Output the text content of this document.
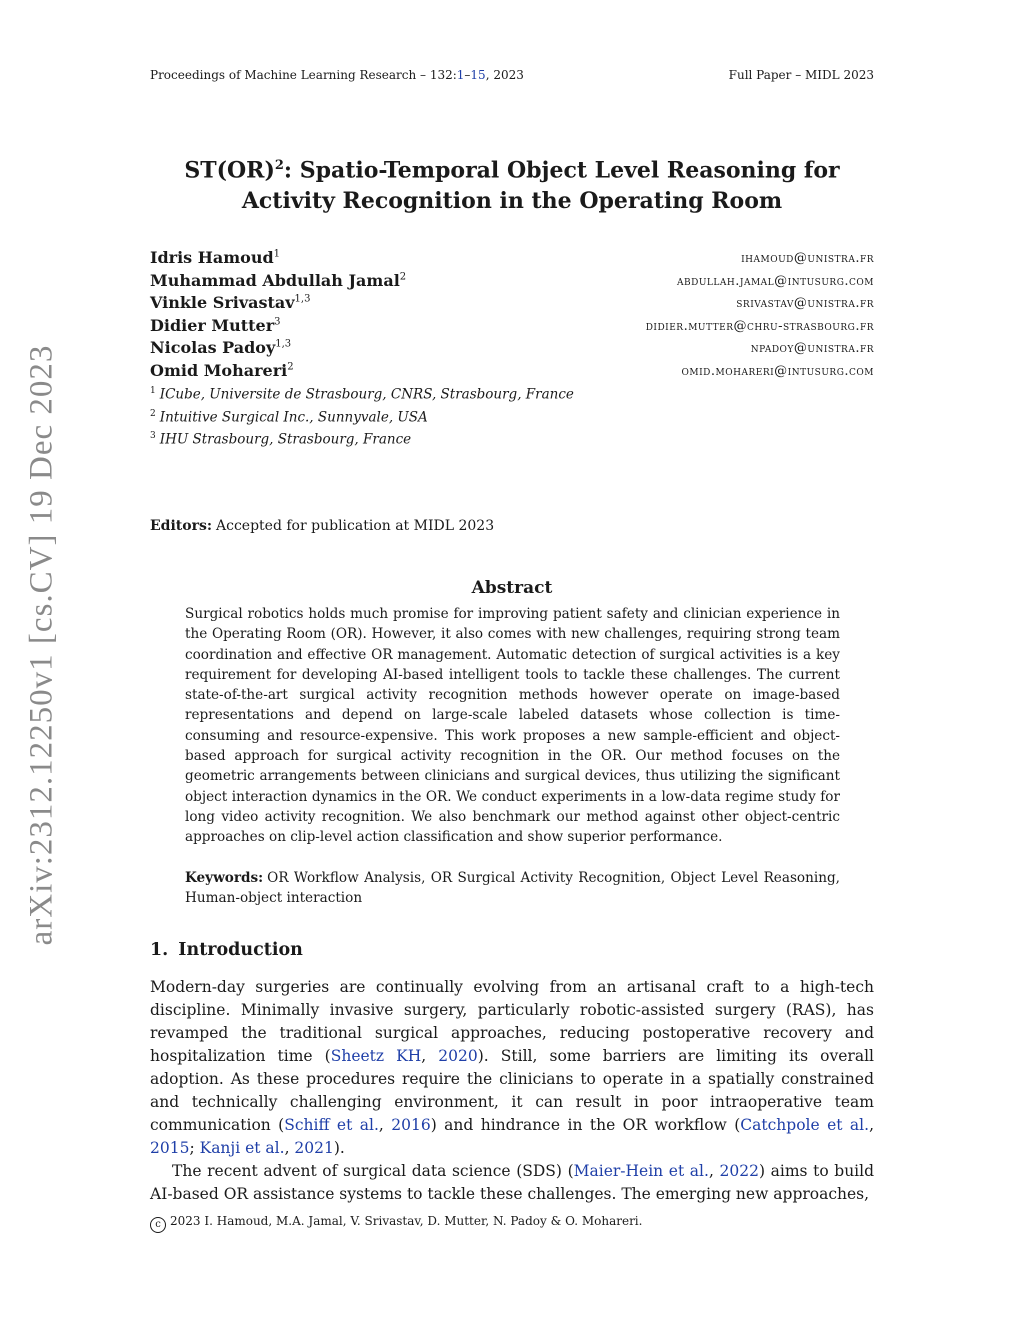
Proceedings of Machine Learning Research – 132:1–15, 2023	Full Paper – MIDL 2023
arXiv:2312.12250v1 [cs.CV] 19 Dec 2023
ST(OR)$^2$: Spatio-Temporal Object Level Reasoning for
Activity Recognition in the Operating Room
Idris Hamoud$^1$	ihamoud@unistra.fr
Muhammad Abdullah Jamal$^2$	abdullah.jamal@intusurg.com
Vinkle Srivastav$^{1,3}$	srivastav@unistra.fr
Didier Mutter$^3$	didier.mutter@chru-strasbourg.fr
Nicolas Padoy$^{1,3}$	npadoy@unistra.fr
Omid Mohareri$^2$	omid.mohareri@intusurg.com
$^1$ ICube, Universite de Strasbourg, CNRS, Strasbourg, France
$^2$ Intuitive Surgical Inc., Sunnyvale, USA
$^3$ IHU Strasbourg, Strasbourg, France
Editors: Accepted for publication at MIDL 2023
Abstract
Surgical robotics holds much promise for improving patient safety and clinician experience in the Operating Room (OR). However, it also comes with new challenges, requiring strong team coordination and effective OR management. Automatic detection of surgical activities is a key requirement for developing AI-based intelligent tools to tackle these challenges. The current state-of-the-art surgical activity recognition methods however operate on image-based representations and depend on large-scale labeled datasets whose collection is time-consuming and resource-expensive. This work proposes a new sample-efficient and object-based approach for surgical activity recognition in the OR. Our method focuses on the geometric arrangements between clinicians and surgical devices, thus utilizing the significant object interaction dynamics in the OR. We conduct experiments in a low-data regime study for long video activity recognition. We also benchmark our method against other object-centric approaches on clip-level action classification and show superior performance.
Keywords: OR Workflow Analysis, OR Surgical Activity Recognition, Object Level Reasoning, Human-object interaction
1. Introduction

Modern-day surgeries are continually evolving from an artisanal craft to a high-tech discipline. Minimally invasive surgery, particularly robotic-assisted surgery (RAS), has revamped the traditional surgical approaches, reducing postoperative recovery and hospitalization time (Sheetz KH, 2020). Still, some barriers are limiting its overall adoption. As these procedures require the clinicians to operate in a spatially constrained and technically challenging environment, it can result in poor intraoperative team communication (Schiff et al., 2016) and hindrance in the OR workflow (Catchpole et al., 2015; Kanji et al., 2021).

The recent advent of surgical data science (SDS) (Maier-Hein et al., 2022) aims to build AI-based OR assistance systems to tackle these challenges. The emerging new approaches,

c 2023 I. Hamoud, M.A. Jamal, V. Srivastav, D. Mutter, N. Padoy & O. Mohareri.
